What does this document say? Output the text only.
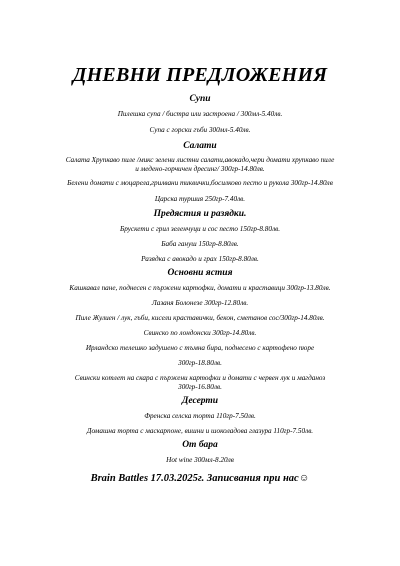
ДНЕВНИ ПРЕДЛОЖЕНИЯ

Супи

Пилешка супа / бистра или застроена / 300мл-5.40лв.

Супа с горски гъби 300мл-5.40лв.

Салати

Салата Хрупкаво пиле /микс зелени листни салати,авокадо,чери домати хрупкаво пиле

и медено-горчичен дресинг/ 300гр-14.80лв.

Белени домати с моцарела,грилвани тиквички,босилково песто и рукола 300гр-14.80лв

Царска туршия 250гр-7.40лв.

Предястия и разядки.

Брускети с грил зеленчуци и сос песто 150гр-8.80лв.

Баба гануш 150гр-8.80лв.

Разядка с авокадо и грах 150гр-8.80лв.

Основни ястия

Кашкавал пане, поднесен с пържени картофки, домати и краставици 300гр-13.80лв.

Лазаня Болонезе 300гр-12.80лв.

Пиле Жулиен / лук, гъби, кисели краставички, бекон, сметанов сос/300гр-14.80лв.

Свинско по лондонски 300гр-14.80лв.

Ирландско телешко задушено с тъмна бира, поднесено с картофено пюре

300гр-18.80лв.

Свински котлет на скара с пържени картофки и домати с червен лук и магданоз

300гр-16.80лв.

Десерти

Френска селска торта 110гр-7.50лв.

Домашна торта с маскарпоне, вишни и шоколадова глазура 110гр-7.50лв.

От бара

Hot wine 300мл-8.20лв

Brain Battles 17.03.2025г. Записвания при нас☺
